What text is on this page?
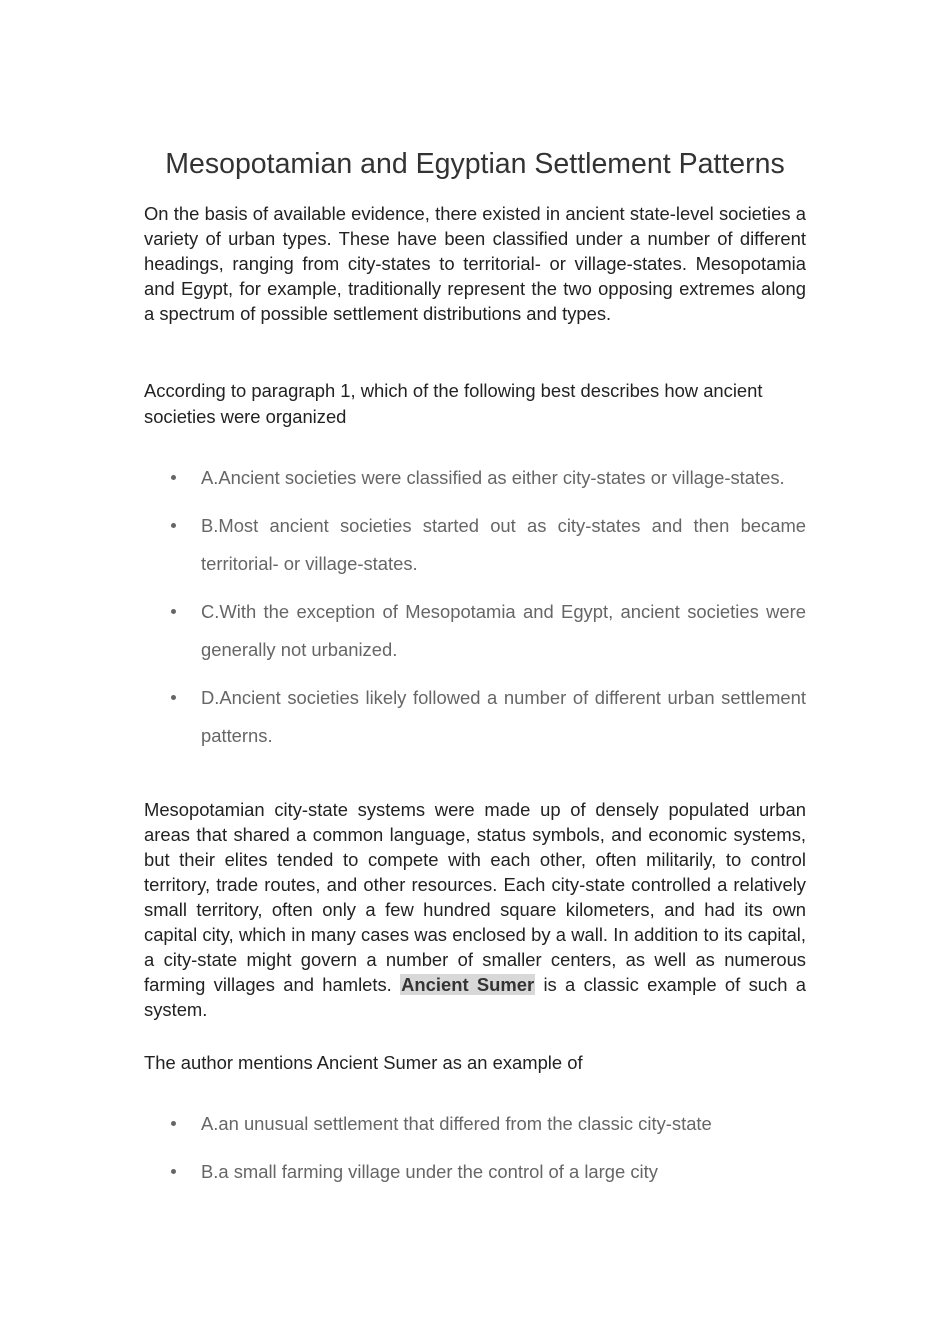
Mesopotamian and Egyptian Settlement Patterns

On the basis of available evidence, there existed in ancient state-level societies a variety of urban types. These have been classified under a number of different headings, ranging from city-states to territorial- or village-states. Mesopotamia and Egypt, for example, traditionally represent the two opposing extremes along a spectrum of possible settlement distributions and types.

According to paragraph 1, which of the following best describes how ancient societies were organized

A.Ancient societies were classified as either city-states or village-states.
B.Most ancient societies started out as city-states and then became territorial- or village-states.
C.With the exception of Mesopotamia and Egypt, ancient societies were generally not urbanized.
D.Ancient societies likely followed a number of different urban settlement patterns.

Mesopotamian city-state systems were made up of densely populated urban areas that shared a common language, status symbols, and economic systems, but their elites tended to compete with each other, often militarily, to control territory, trade routes, and other resources. Each city-state controlled a relatively small territory, often only a few hundred square kilometers, and had its own capital city, which in many cases was enclosed by a wall. In addition to its capital, a city-state might govern a number of smaller centers, as well as numerous farming villages and hamlets. Ancient Sumer is a classic example of such a system.

The author mentions Ancient Sumer as an example of

A.an unusual settlement that differed from the classic city-state
B.a small farming village under the control of a large city
